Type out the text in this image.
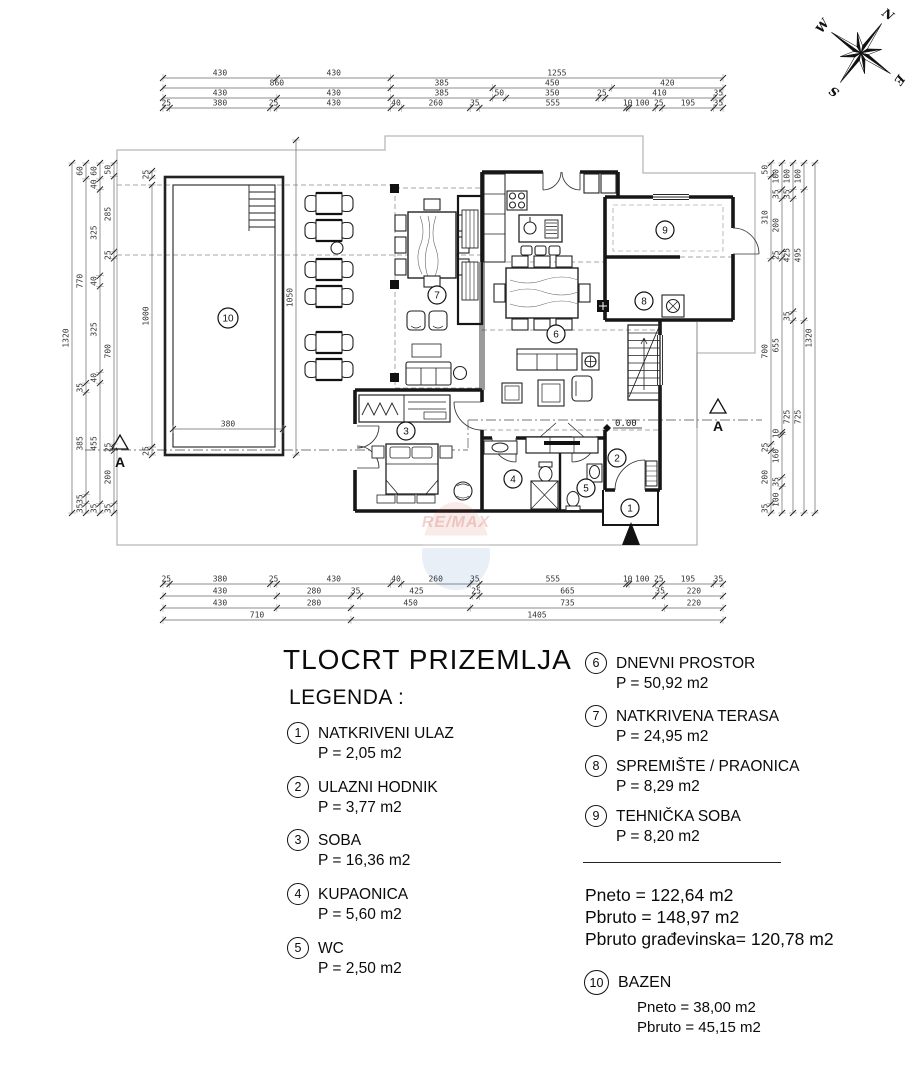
A
A
0.00
1
2
3
4
5
6
7
8
9
10
430	430	1255
860	385	450	420
430	430	385	50	350	25	410	35
25	380	25	430	40	260	35	555	10 100 25 195 35
25	380	25	430	40	260	35	555	10 100 25 195 35
430	280	35	425	25	665	35	220
430	280	450	735	220
710	1405
1320
60
770
35
385
35
35
60
40
325
40
325
40
455
35
50
285
25
700
25
200
35
50
310
700
25
200
35
100
35
200
25
655
10
160
35
100
100
35
425
35
725
100
495
725
1320
25
1000
1050
25
380
N
E
S
W
RE/MAX
TLOCRT PRIZEMLJA
LEGENDA :
1	NATKRIVENI ULAZ
P = 2,05 m2
2	ULAZNI HODNIK
P = 3,77 m2
3	SOBA
P = 16,36 m2
4	KUPAONICA
P = 5,60 m2
5	WC
P = 2,50 m2
6	DNEVNI PROSTOR
P = 50,92 m2
7	NATKRIVENA TERASA
P = 24,95 m2
8	SPREMIŠTE / PRAONICA
P = 8,29 m2
9	TEHNIČKA SOBA
P = 8,20 m2
Pneto = 122,64 m2
Pbruto = 148,97 m2
Pbruto građevinska= 120,78 m2
10 BAZEN
Pneto = 38,00 m2
Pbruto = 45,15 m2
